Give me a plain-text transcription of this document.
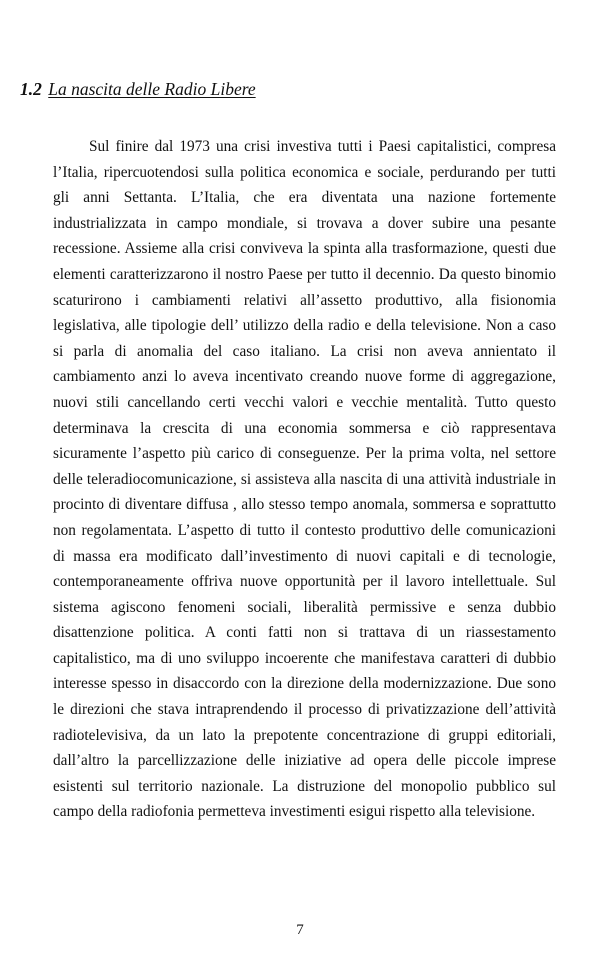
1.2 La nascita delle Radio Libere
Sul finire dal 1973 una crisi investiva tutti i Paesi capitalistici, compresa
l’Italia, ripercuotendosi sulla politica economica e sociale, perdurando per tutti
gli anni Settanta. L’Italia, che era diventata una nazione fortemente
industrializzata in campo mondiale, si trovava a dover subire una pesante
recessione. Assieme alla crisi conviveva la spinta alla trasformazione, questi due
elementi caratterizzarono il nostro Paese per tutto il decennio. Da questo binomio
scaturirono i cambiamenti relativi all’assetto produttivo, alla fisionomia
legislativa, alle tipologie dell’ utilizzo della radio e della televisione. Non a caso
si parla di anomalia del caso italiano. La crisi non aveva annientato il
cambiamento anzi lo aveva incentivato creando nuove forme di aggregazione,
nuovi stili cancellando certi vecchi valori e vecchie mentalità. Tutto questo
determinava la crescita di una economia sommersa e ciò rappresentava
sicuramente l’aspetto più carico di conseguenze. Per la prima volta, nel settore
delle teleradiocomunicazione, si assisteva alla nascita di una attività industriale in
procinto di diventare diffusa , allo stesso tempo anomala, sommersa e soprattutto
non regolamentata. L’aspetto di tutto il contesto produttivo delle comunicazioni
di massa era modificato dall’investimento di nuovi capitali e di tecnologie,
contemporaneamente offriva nuove opportunità per il lavoro intellettuale. Sul
sistema agiscono fenomeni sociali, liberalità permissive e senza dubbio
disattenzione politica. A conti fatti non si trattava di un riassestamento
capitalistico, ma di uno sviluppo incoerente che manifestava caratteri di dubbio
interesse spesso in disaccordo con la direzione della modernizzazione. Due sono
le direzioni che stava intraprendendo il processo di privatizzazione dell’attività
radiotelevisiva, da un lato la prepotente concentrazione di gruppi editoriali,
dall’altro la parcellizzazione delle iniziative ad opera delle piccole imprese
esistenti sul territorio nazionale. La distruzione del monopolio pubblico sul
campo della radiofonia permetteva investimenti esigui rispetto alla televisione.
7
